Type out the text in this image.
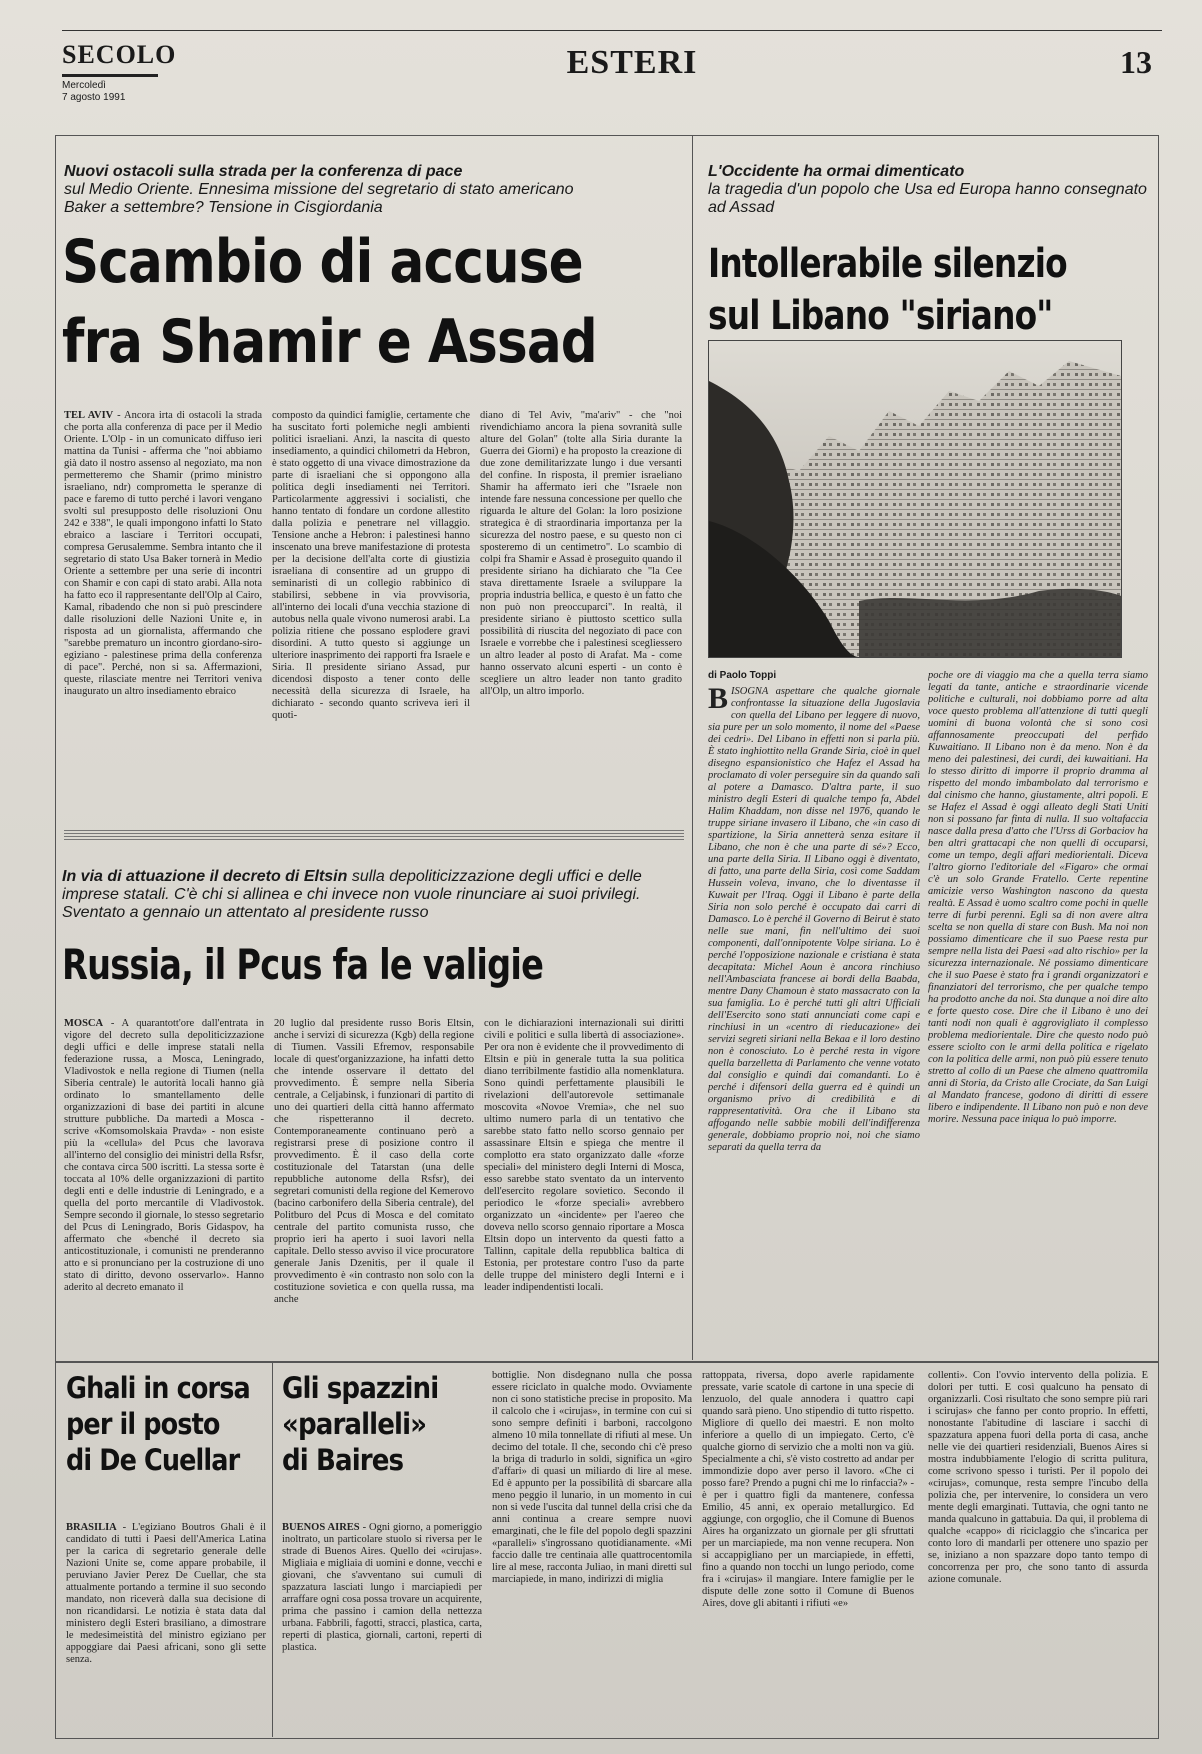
SECOLO
Mercoledì
7 agosto 1991
ESTERI	13
Nuovi ostacoli sulla strada per la conferenza di pace
sul Medio Oriente. Ennesima missione del segretario di stato americano Baker a settembre? Tensione in Cisgiordania
Scambio di accuse
fra Shamir e Assad
TEL AVIV - Ancora irta di ostacoli la strada che porta alla conferenza di pace per il Medio Oriente. L'Olp - in un comunicato diffuso ieri mattina da Tunisi - afferma che "noi abbiamo già dato il nostro assenso al negoziato, ma non permetteremo che Shamir (primo ministro israeliano, ndr) comprometta le speranze di pace e faremo di tutto perché i lavori vengano svolti sul presupposto delle risoluzioni Onu 242 e 338", le quali impongono infatti lo Stato ebraico a lasciare i Territori occupati, compresa Gerusalemme. Sembra intanto che il segretario di stato Usa Baker tornerà in Medio Oriente a settembre per una serie di incontri con Shamir e con capi di stato arabi. Alla nota ha fatto eco il rappresentante dell'Olp al Cairo, Kamal, ribadendo che non si può prescindere dalle risoluzioni delle Nazioni Unite e, in risposta ad un giornalista, affermando che "sarebbe prematuro un incontro giordano-siro-egiziano - palestinese prima della conferenza di pace". Perché, non si sa. Affermazioni, queste, rilasciate mentre nei Territori veniva inaugurato un altro insediamento ebraico
composto da quindici famiglie, certamente che ha suscitato forti polemiche negli ambienti politici israeliani. Anzi, la nascita di questo insediamento, a quindici chilometri da Hebron, è stato oggetto di una vivace dimostrazione da parte di israeliani che si oppongono alla politica degli insediamenti nei Territori. Particolarmente aggressivi i socialisti, che hanno tentato di fondare un cordone allestito dalla polizia e penetrare nel villaggio. Tensione anche a Hebron: i palestinesi hanno inscenato una breve manifestazione di protesta per la decisione dell'alta corte di giustizia israeliana di consentire ad un gruppo di seminaristi di un collegio rabbinico di stabilirsi, sebbene in via provvisoria, all'interno dei locali d'una vecchia stazione di autobus nella quale vivono numerosi arabi. La polizia ritiene che possano esplodere gravi disordini. A tutto questo si aggiunge un ulteriore inasprimento dei rapporti fra Israele e Siria. Il presidente siriano Assad, pur dicendosi disposto a tener conto delle necessità della sicurezza di Israele, ha dichiarato - secondo quanto scriveva ieri il quoti-
diano di Tel Aviv, "ma'ariv" - che "noi rivendichiamo ancora la piena sovranità sulle alture del Golan" (tolte alla Siria durante la Guerra dei Giorni) e ha proposto la creazione di due zone demilitarizzate lungo i due versanti del confine. In risposta, il premier israeliano Shamir ha affermato ieri che "Israele non intende fare nessuna concessione per quello che riguarda le alture del Golan: la loro posizione strategica è di straordinaria importanza per la sicurezza del nostro paese, e su questo non ci sposteremo di un centimetro". Lo scambio di colpi fra Shamir e Assad è proseguito quando il presidente siriano ha dichiarato che "la Cee stava direttamente Israele a sviluppare la propria industria bellica, e questo è un fatto che non può non preoccuparci". In realtà, il presidente siriano è piuttosto scettico sulla possibilità di riuscita del negoziato di pace con Israele e vorrebbe che i palestinesi scegliessero un altro leader al posto di Arafat. Ma - come hanno osservato alcuni esperti - un conto è scegliere un altro leader non tanto gradito all'Olp, un altro imporlo.
L'Occidente ha ormai dimenticato
la tragedia d'un popolo che Usa ed Europa hanno consegnato ad Assad
Intollerabile silenzio
sul Libano "siriano"
di Paolo Toppi
BISOGNA aspettare che qualche giornale confrontasse la situazione della Jugoslavia con quella del Libano per leggere di nuovo, sia pure per un solo momento, il nome del «Paese dei cedri». Del Libano in effetti non si parla più. È stato inghiottito nella Grande Siria, cioè in quel disegno espansionistico che Hafez el Assad ha proclamato di voler perseguire sin da quando salì al potere a Damasco. D'altra parte, il suo ministro degli Esteri di qualche tempo fa, Abdel Halim Khaddam, non disse nel 1976, quando le truppe siriane invasero il Libano, che «in caso di spartizione, la Siria annetterà senza esitare il Libano, che non è che una parte di sé»? Ecco, una parte della Siria. Il Libano oggi è diventato, di fatto, una parte della Siria, così come Saddam Hussein voleva, invano, che lo diventasse il Kuwait per l'Iraq. Oggi il Libano è parte della Siria non solo perché è occupato dai carri di Damasco. Lo è perché il Governo di Beirut è stato nelle sue mani, fin nell'ultimo dei suoi componenti, dall'onnipotente Volpe siriana. Lo è perché l'opposizione nazionale e cristiana è stata decapitata: Michel Aoun è ancora rinchiuso nell'Ambasciata francese ai bordi della Baabda, mentre Dany Chamoun è stato massacrato con la sua famiglia. Lo è perché tutti gli altri Ufficiali dell'Esercito sono stati annunciati come capi e rinchiusi in un «centro di rieducazione» dei servizi segreti siriani nella Bekaa e il loro destino non è conosciuto. Lo è perché resta in vigore quella barzelletta di Parlamento che venne votato dal consiglio e quindi dai comandanti. Lo è perché i difensori della guerra ed è quindi un organismo privo di credibilità e di rappresentatività. Ora che il Libano sta affogando nelle sabbie mobili dell'indifferenza generale, dobbiamo proprio noi, noi che siamo separati da quella terra da
poche ore di viaggio ma che a quella terra siamo legati da tante, antiche e straordinarie vicende politiche e culturali, noi dobbiamo porre ad alta voce questo problema all'attenzione di tutti quegli uomini di buona volontà che si sono così affannosamente preoccupati del perfido Kuwaitiano. Il Libano non è da meno. Non è da meno dei palestinesi, dei curdi, dei kuwaitiani. Ha lo stesso diritto di imporre il proprio dramma al rispetto del mondo imbambolato dal terrorismo e dal cinismo che hanno, giustamente, altri popoli. E se Hafez el Assad è oggi alleato degli Stati Uniti non si possano far finta di nulla. Il suo voltafaccia nasce dalla presa d'atto che l'Urss di Gorbaciov ha ben altri grattacapi che non quelli di occuparsi, come un tempo, degli affari mediorientali. Diceva l'altro giorno l'editoriale del «Figaro» che ormai c'è un solo Grande Fratello. Certe repentine amicizie verso Washington nascono da questa realtà. E Assad è uomo scaltro come pochi in quelle terre di furbi perenni. Egli sa di non avere altra scelta se non quella di stare con Bush. Ma noi non possiamo dimenticare che il suo Paese resta pur sempre nella lista dei Paesi «ad alto rischio» per la sicurezza internazionale. Né possiamo dimenticare che il suo Paese è stato fra i grandi organizzatori e finanziatori del terrorismo, che per qualche tempo ha prodotto anche da noi. Sta dunque a noi dire alto e forte questo cose. Dire che il Libano è uno dei tanti nodi non quali è aggrovigliato il complesso problema mediorientale. Dire che questo nodo può essere sciolto con le armi della politica e rigelato con la politica delle armi, non può più essere tenuto stretto al collo di un Paese che almeno quattromila anni di Storia, da Cristo alle Crociate, da San Luigi al Mandato francese, godono di diritti di essere libero e indipendente. Il Libano non può e non deve morire. Nessuna pace iniqua lo può imporre.
In via di attuazione il decreto di Eltsin sulla depoliticizzazione degli uffici e delle imprese statali. C'è chi si allinea e chi invece non vuole rinunciare ai suoi privilegi. Sventato a gennaio un attentato al presidente russo
Russia, il Pcus fa le valigie
MOSCA - A quarantott'ore dall'entrata in vigore del decreto sulla depoliticizzazione degli uffici e delle imprese statali nella federazione russa, a Mosca, Leningrado, Vladivostok e nella regione di Tiumen (nella Siberia centrale) le autorità locali hanno già ordinato lo smantellamento delle organizzazioni di base dei partiti in alcune strutture pubbliche. Da martedì a Mosca - scrive «Komsomolskaia Pravda» - non esiste più la «cellula» del Pcus che lavorava all'interno del consiglio dei ministri della Rsfsr, che contava circa 500 iscritti. La stessa sorte è toccata al 10% delle organizzazioni di partito degli enti e delle industrie di Leningrado, e a quella del porto mercantile di Vladivostok. Sempre secondo il giornale, lo stesso segretario del Pcus di Leningrado, Boris Gidaspov, ha affermato che «benché il decreto sia anticostituzionale, i comunisti ne prenderanno atto e si pronunciano per la costruzione di uno stato di diritto, devono osservarlo». Hanno aderito al decreto emanato il
20 luglio dal presidente russo Boris Eltsin, anche i servizi di sicurezza (Kgb) della regione di Tiumen. Vassili Efremov, responsabile locale di quest'organizzazione, ha infatti detto che intende osservare il dettato del provvedimento. È sempre nella Siberia centrale, a Celjabinsk, i funzionari di partito di uno dei quartieri della città hanno affermato che rispetteranno il decreto. Contemporaneamente continuano però a registrarsi prese di posizione contro il provvedimento. È il caso della corte costituzionale del Tatarstan (una delle repubbliche autonome della Rsfsr), dei segretari comunisti della regione del Kemerovo (bacino carbonifero della Siberia centrale), del Politburo del Pcus di Mosca e del comitato centrale del partito comunista russo, che proprio ieri ha aperto i suoi lavori nella capitale. Dello stesso avviso il vice procuratore generale Janis Dzenitis, per il quale il provvedimento è «in contrasto non solo con la costituzione sovietica e con quella russa, ma anche
con le dichiarazioni internazionali sui diritti civili e politici e sulla libertà di associazione». Per ora non è evidente che il provvedimento di Eltsin e più in generale tutta la sua politica diano terribilmente fastidio alla nomenklatura. Sono quindi perfettamente plausibili le rivelazioni dell'autorevole settimanale moscovita «Novoe Vremia», che nel suo ultimo numero parla di un tentativo che sarebbe stato fatto nello scorso gennaio per assassinare Eltsin e spiega che mentre il complotto era stato organizzato dalle «forze speciali» del ministero degli Interni di Mosca, esso sarebbe stato sventato da un intervento dell'esercito regolare sovietico. Secondo il periodico le «forze speciali» avrebbero organizzato un «incidente» per l'aereo che doveva nello scorso gennaio riportare a Mosca Eltsin dopo un intervento da questi fatto a Tallinn, capitale della repubblica baltica di Estonia, per protestare contro l'uso da parte delle truppe del ministero degli Interni e i leader indipendentisti locali.
Ghali in corsa
per il posto
di De Cuellar
BRASILIA - L'egiziano Boutros Ghali è il candidato di tutti i Paesi dell'America Latina per la carica di segretario generale delle Nazioni Unite se, come appare probabile, il peruviano Javier Perez De Cuellar, che sta attualmente portando a termine il suo secondo mandato, non riceverà dalla sua decisione di non ricandidarsi. Le notizia è stata data dal ministero degli Esteri brasiliano, a dimostrare le medesimeistità del ministro egiziano per appoggiare dai Paesi africani, sono gli sette senza.
Gli spazzini
«paralleli»
di Baires
BUENOS AIRES - Ogni giorno, a pomeriggio inoltrato, un particolare stuolo si riversa per le strade di Buenos Aires. Quello dei «cirujas». Migliaia e migliaia di uomini e donne, vecchi e giovani, che s'avventano sui cumuli di spazzatura lasciati lungo i marciapiedi per arraffare ogni cosa possa trovare un acquirente, prima che passino i camion della nettezza urbana. Fabbrili, fagotti, stracci, plastica, carta, reperti di plastica, giornali, cartoni, reperti di plastica.
bottiglie. Non disdegnano nulla che possa essere riciclato in qualche modo. Ovviamente non ci sono statistiche precise in proposito. Ma il calcolo che i «cirujas», in termine con cui si sono sempre definiti i barboni, raccolgono almeno 10 mila tonnellate di rifiuti al mese. Un decimo del totale. Il che, secondo chi c'è preso la briga di tradurlo in soldi, significa un «giro d'affari» di quasi un miliardo di lire al mese. Ed è appunto per la possibilità di sbarcare alla meno peggio il lunario, in un momento in cui non si vede l'uscita dal tunnel della crisi che da anni continua a creare sempre nuovi emarginati, che le file del popolo degli spazzini «paralleli» s'ingrossano quotidianamente. «Mi faccio dalle tre centinaia alle quattrocentomila lire al mese, racconta Juliao, in mani diretti sul marciapiede, in mano, indirizzi di miglia
rattoppata, riversa, dopo averle rapidamente pressate, varie scatole di cartone in una specie di lenzuolo, del quale annodera i quattro capi quando sarà pieno. Uno stipendio di tutto rispetto. Migliore di quello dei maestri. E non molto inferiore a quello di un impiegato. Certo, c'è qualche giorno di servizio che a molti non va giù. Specialmente a chi, s'è visto costretto ad andar per immondizie dopo aver perso il lavoro. «Che ci posso fare? Prendo a pugni chi me lo rinfaccia?» - è per i quattro figli da mantenere, confessa Emilio, 45 anni, ex operaio metallurgico. Ed aggiunge, con orgoglio, che il Comune di Buenos Aires ha organizzato un giornale per gli sfruttati per un marciapiede, ma non venne recupera. Non si accappigliano per un marciapiede, in effetti, fino a quando non tocchi un lungo periodo, come fra i «cirujas» il mangiare. Intere famiglie per le dispute delle zone sotto il Comune di Buenos Aires, dove gli abitanti i rifiuti «e»
collenti». Con l'ovvio intervento della polizia. E dolori per tutti. E così qualcuno ha pensato di organizzarli. Così risultato che sono sempre più rari i scirujas» che fanno per conto proprio. In effetti, nonostante l'abitudine di lasciare i sacchi di spazzatura appena fuori della porta di casa, anche nelle vie dei quartieri residenziali, Buenos Aires si mostra indubbiamente l'elogio di scritta pulitura, come scrivono spesso i turisti. Per il popolo dei «cirujas», comunque, resta sempre l'incubo della polizia che, per intervenire, lo considera un vero mente degli emarginati. Tuttavia, che ogni tanto ne manda qualcuno in gattabuia. Da qui, il problema di qualche «cappo» di riciclaggio che s'incarica per conto loro di mandarli per ottenere uno spazio per se, iniziano a non spazzare dopo tanto tempo di concorrenza per pro, che sono tanto di assurda azione comunale.
